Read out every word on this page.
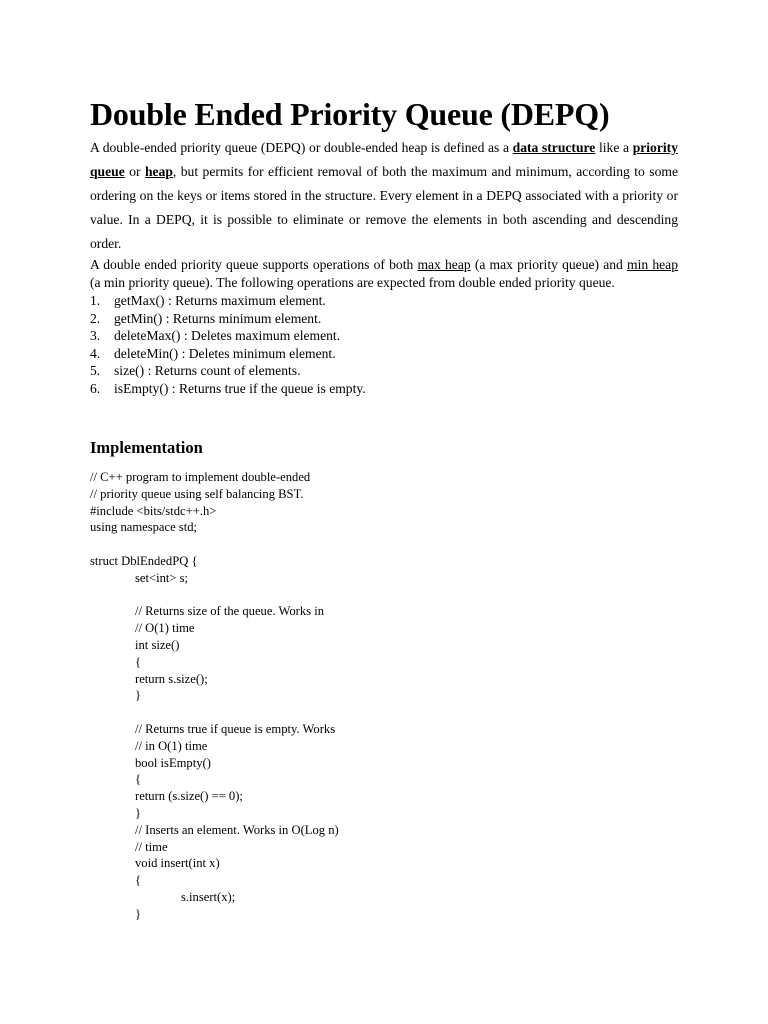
Double Ended Priority Queue (DEPQ)

A double-ended priority queue (DEPQ) or double-ended heap is defined as a data structure like a priority queue or heap, but permits for efficient removal of both the maximum and minimum, according to some ordering on the keys or items stored in the structure. Every element in a DEPQ associated with a priority or value. In a DEPQ, it is possible to eliminate or remove the elements in both ascending and descending order.

A double ended priority queue supports operations of both max heap (a max priority queue) and min heap (a min priority queue). The following operations are expected from double ended priority queue.

1.	getMax() : Returns maximum element.
2.	getMin() : Returns minimum element.
3.	deleteMax() : Deletes maximum element.
4.	deleteMin() : Deletes minimum element.
5.	size() : Returns count of elements.
6.	isEmpty() : Returns true if the queue is empty.
Implementation
// C++ program to implement double-ended
// priority queue using self balancing BST.
#include <bits/stdc++.h>
using namespace std;
struct DblEndedPQ {
set<int> s;
// Returns size of the queue. Works in
// O(1) time
int size()
{
return s.size();
}
// Returns true if queue is empty. Works
// in O(1) time
bool isEmpty()
{
return (s.size() == 0);
}
// Inserts an element. Works in O(Log n)
// time
void insert(int x)
{
s.insert(x);
}
